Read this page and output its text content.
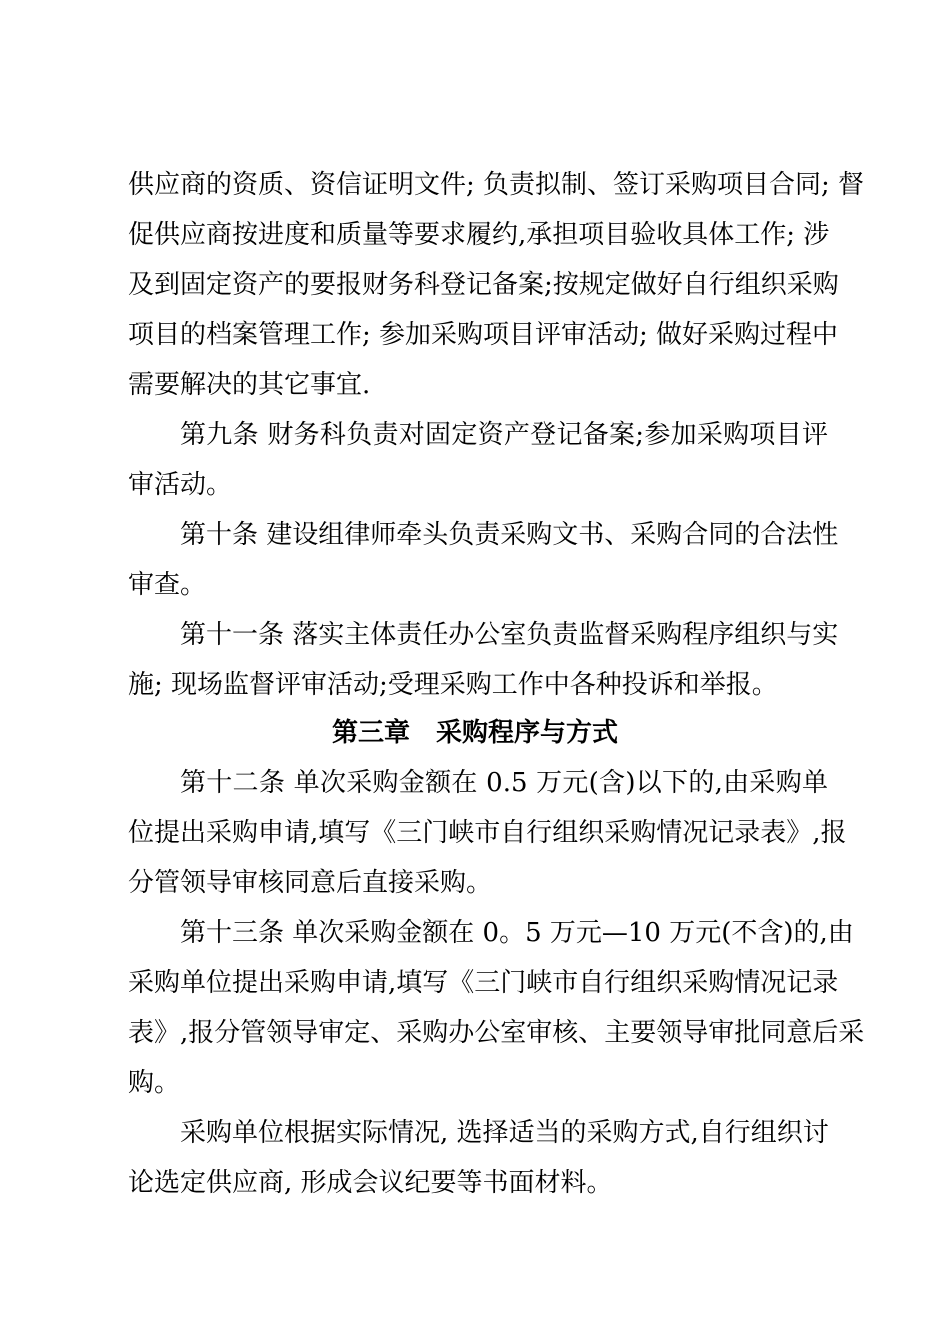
供应商的资质、资信证明文件; 负责拟制、签订采购项目合同; 督
促供应商按进度和质量等要求履约,承担项目验收具体工作; 涉
及到固定资产的要报财务科登记备案;按规定做好自行组织采购
项目的档案管理工作; 参加采购项目评审活动; 做好采购过程中
需要解决的其它事宜.
第九条 财务科负责对固定资产登记备案;参加采购项目评
审活动。
第十条 建设组律师牵头负责采购文书、采购合同的合法性
审查。
第十一条 落实主体责任办公室负责监督采购程序组织与实
施; 现场监督评审活动;受理采购工作中各种投诉和举报。
第三章　采购程序与方式
第十二条 单次采购金额在 0.5 万元(含)以下的,由采购单
位提出采购申请,填写《三门峡市自行组织采购情况记录表》,报
分管领导审核同意后直接采购。
第十三条 单次采购金额在 0。5 万元—10 万元(不含)的,由
采购单位提出采购申请,填写《三门峡市自行组织采购情况记录
表》,报分管领导审定、采购办公室审核、主要领导审批同意后采
购。
采购单位根据实际情况, 选择适当的采购方式,自行组织讨
论选定供应商, 形成会议纪要等书面材料。
